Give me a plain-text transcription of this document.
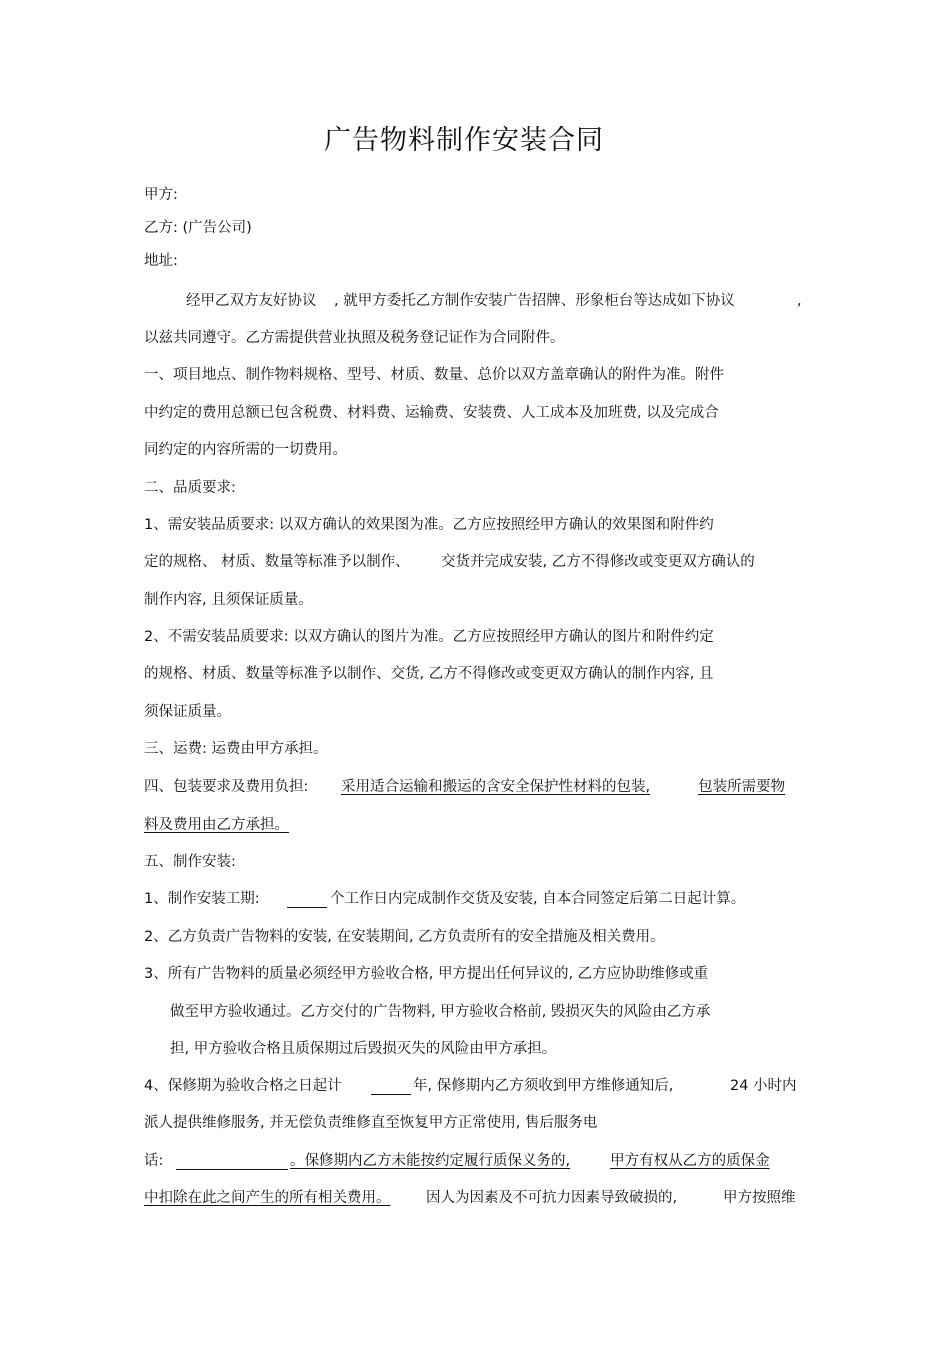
广告物料制作安装合同
甲方:
乙方: (广告公司)
地址:
经甲乙双方友好协议 , 就甲方委托乙方制作安装广告招牌、形象柜台等达成如下协议	,
以兹共同遵守。乙方需提供营业执照及税务登记证作为合同附件。
一、项目地点、制作物料规格、型号、材质、数量、总价以双方盖章确认的附件为准。附件
中约定的费用总额已包含税费、材料费、运输费、安装费、人工成本及加班费, 以及完成合
同约定的内容所需的一切费用。
二、品质要求:
1、需安装品质要求: 以双方确认的效果图为准。乙方应按照经甲方确认的效果图和附件约
定的规格、 材质、数量等标准予以制作、 交货并完成安装, 乙方不得修改或变更双方确认的
制作内容, 且须保证质量。
2、不需安装品质要求: 以双方确认的图片为准。乙方应按照经甲方确认的图片和附件约定
的规格、材质、数量等标准予以制作、交货, 乙方不得修改或变更双方确认的制作内容, 且
须保证质量。
三、运费: 运费由甲方承担。
四、包装要求及费用负担: 采用适合运输和搬运的含安全保护性材料的包装,	包装所需要物
料及费用由乙方承担。
五、制作安装:
1、制作安装工期:	个工作日内完成制作交货及安装, 自本合同签定后第二日起计算。
2、乙方负责广告物料的安装, 在安装期间, 乙方负责所有的安全措施及相关费用。
3、所有广告物料的质量必须经甲方验收合格, 甲方提出任何异议的, 乙方应协助维修或重
做至甲方验收通过。乙方交付的广告物料, 甲方验收合格前, 毁损灭失的风险由乙方承
担, 甲方验收合格且质保期过后毁损灭失的风险由甲方承担。
4、保修期为验收合格之日起计	年, 保修期内乙方须收到甲方维修通知后,	24 小时内
派人提供维修服务, 并无偿负责维修直至恢复甲方正常使用, 售后服务电
话:	。保修期内乙方未能按约定履行质保义务的,	甲方有权从乙方的质保金
中扣除在此之间产生的所有相关费用。	因人为因素及不可抗力因素导致破损的,	甲方按照维
